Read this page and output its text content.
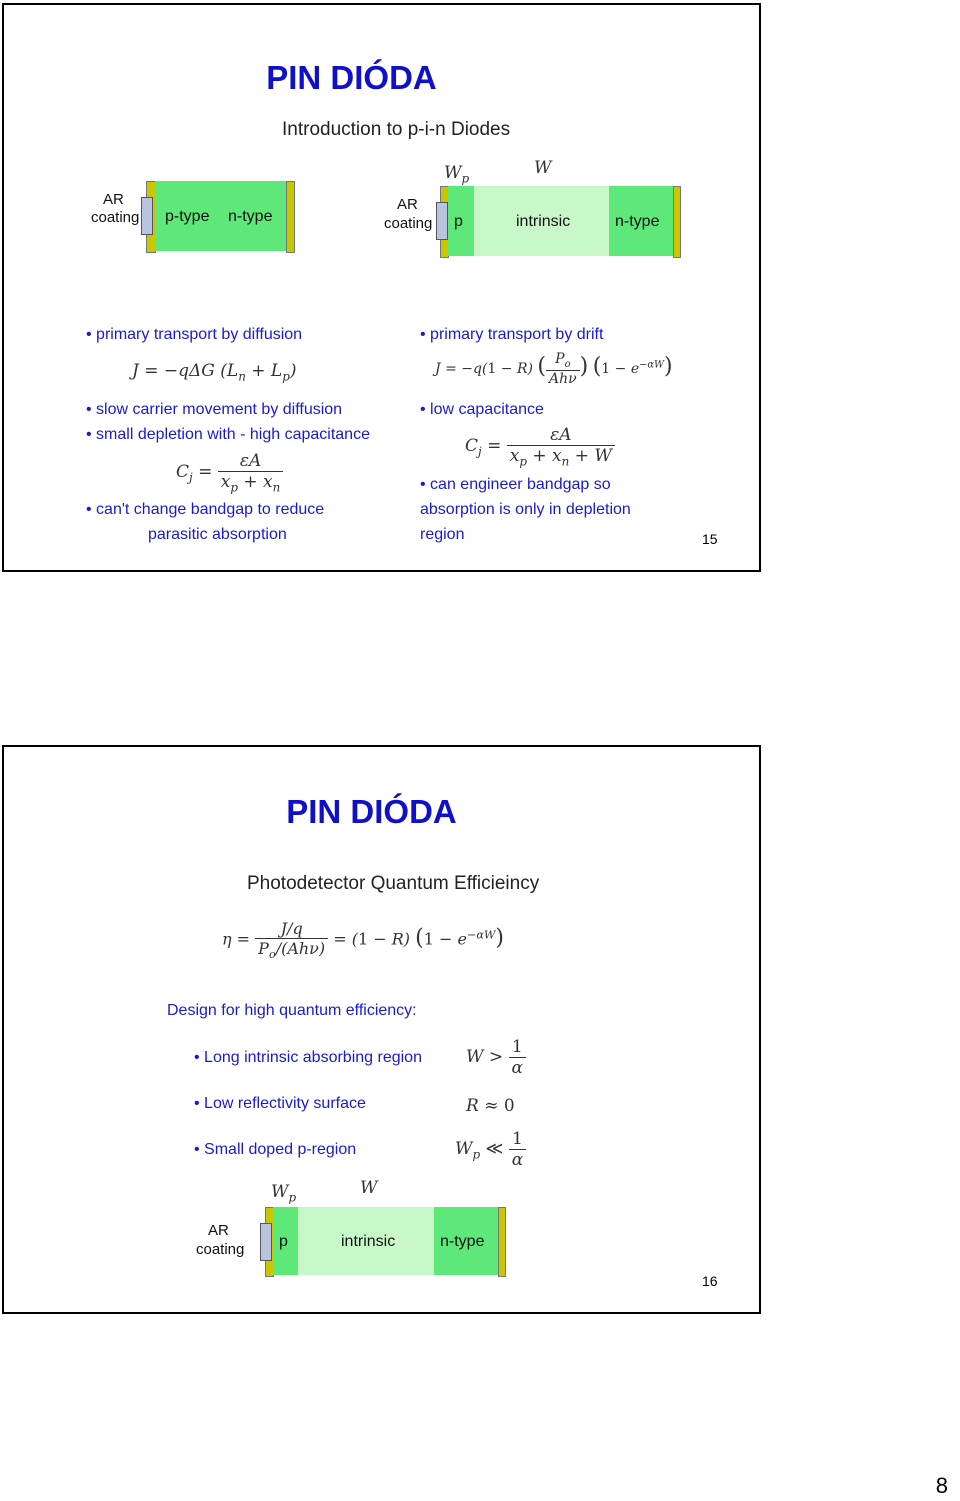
PIN DIÓDA
Introduction to p-i-n Diodes
AR
coating p-type n-type
$W_p$
W
AR
coating p	intrinsic	n-type
• primary transport by diffusion
J = −qΔG $(L_n + L_p)$
• slow carrier movement by diffusion
• small depletion with - high capacitance
$C_j = \frac{\varepsilon A}{x_p + x_n}$
• can't change bandgap to reduce
parasitic absorption
• primary transport by drift
J = −q(1 − R) ( $\frac{P_o}{\text{Ahν}}$ ) $(1 - e^{-\alpha W})$
• low capacitance
$C_j = \frac{\varepsilon A}{x_p + x_n + W}$
• can engineer bandgap so
absorption is only in depletion
region	15
PIN DIÓDA
Photodetector Quantum Efficieincy
$\eta = \frac{J/q}{P_o/(Ah\nu)} = (1 - R) (1 - e^{-\alpha W})$
Design for high quantum efficiency:
• Long intrinsic absorbing region	$W > \frac{1}{\alpha}$
• Low reflectivity surface	R ≈ 0
• Small doped p-region	$W_p$ ≪ $\frac{1}{\alpha}$
$W_p$	W
AR
coating p	intrinsic	n-type
16
8
